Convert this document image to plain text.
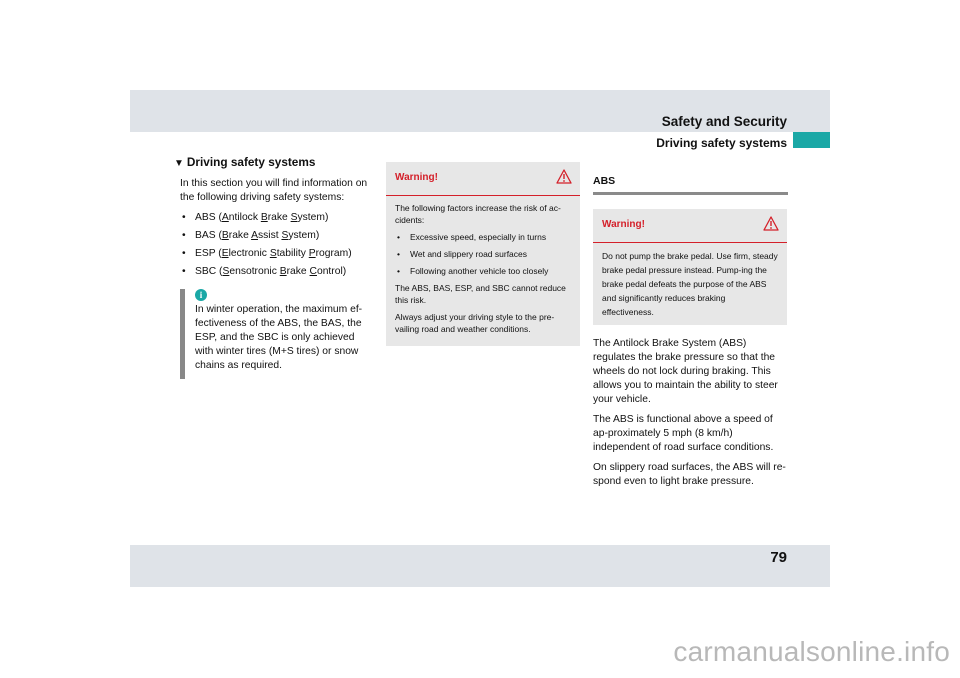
Safety and Security
Driving safety systems
▼ Driving safety systems

In this section you will find information on the following driving safety systems:

• ABS (Antilock Brake System)
• BAS (Brake Assist System)
• ESP (Electronic Stability Program)
• SBC (Sensotronic Brake Control)
i
In winter operation, the maximum ef-fectiveness of the ABS, the BAS, the ESP, and the SBC is only achieved with winter tires (M+S tires) or snow chains as required.
Warning!

The following factors increase the risk of ac-cidents:

• Excessive speed, especially in turns
• Wet and slippery road surfaces
• Following another vehicle too closely

The ABS, BAS, ESP, and SBC cannot reduce this risk.

Always adjust your driving style to the pre-vailing road and weather conditions.

ABS
Warning!

Do not pump the brake pedal. Use firm, steady brake pedal pressure instead. Pump-ing the brake pedal defeats the purpose of the ABS and significantly reduces braking effectiveness.

The Antilock Brake System (ABS) regulates the brake pressure so that the wheels do not lock during braking. This allows you to maintain the ability to steer your vehicle.

The ABS is functional above a speed of ap-proximately 5 mph (8 km/h) independent of road surface conditions.

On slippery road surfaces, the ABS will re-spond even to light brake pressure.

79
carmanualsonline.info
